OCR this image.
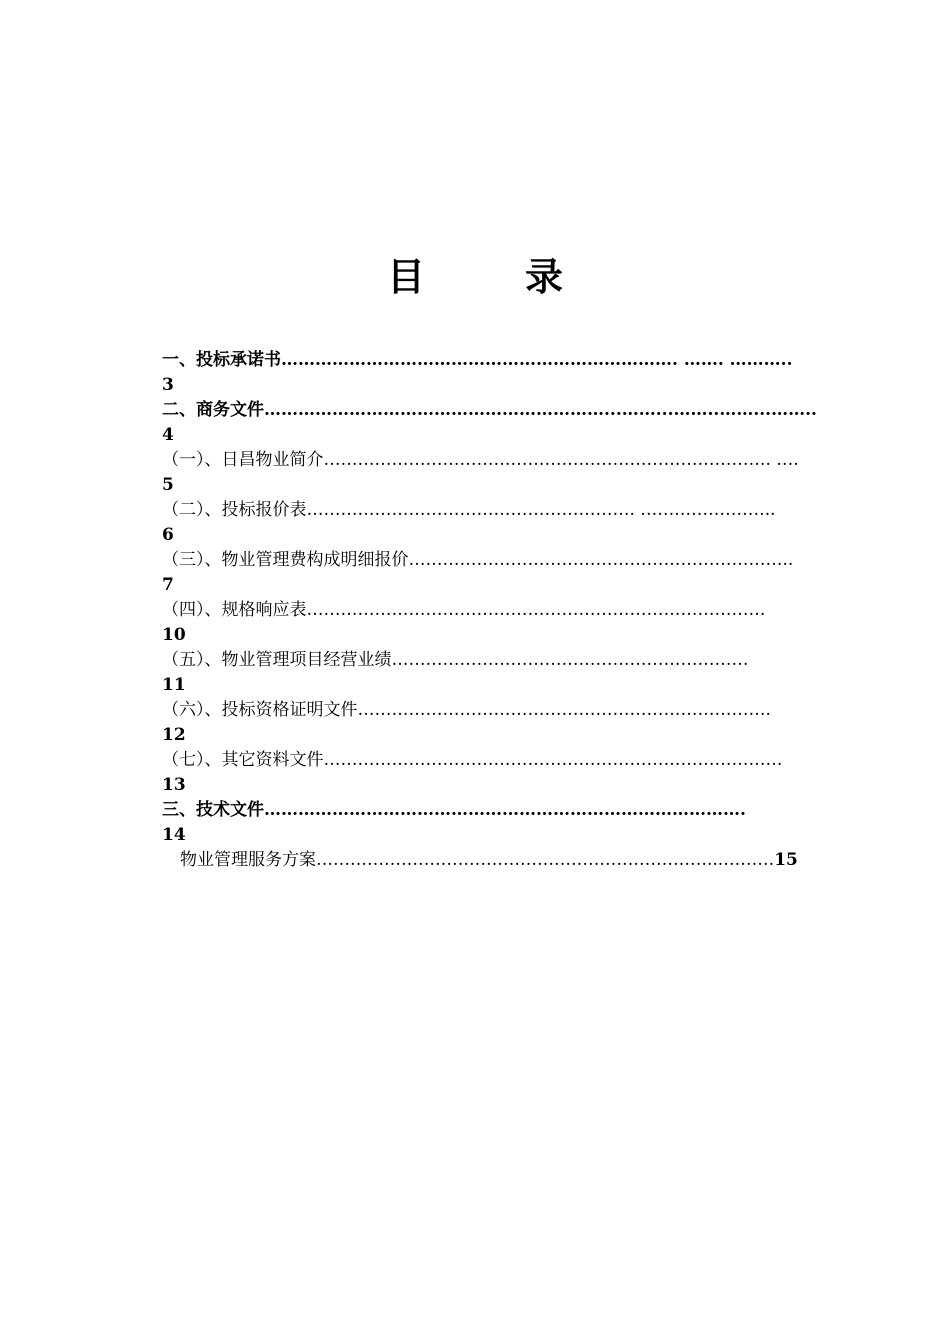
目	录
一、投标承诺书……………………………………………………………. ……. ………..
3
二、商务文件……………………………………………………...……...……..……...……..
4
（一）、日昌物业简介……………………………………………………………………. ….
5
（二）、投标报价表…………………………………………………. …….……………..
6
（三）、物业管理费构成明细报价…………………………………………………………..
7
（四）、规格响应表………………………………………………………………………
10
（五）、物业管理项目经营业绩………………………………………………………
11
（六）、投标资格证明文件……………………………………………………………….
12
（七）、其它资料文件………………………………………………………………………
13
三、技术文件………………………………………………………………………….
14
物业管理服务方案……………………………………………………………...………15
